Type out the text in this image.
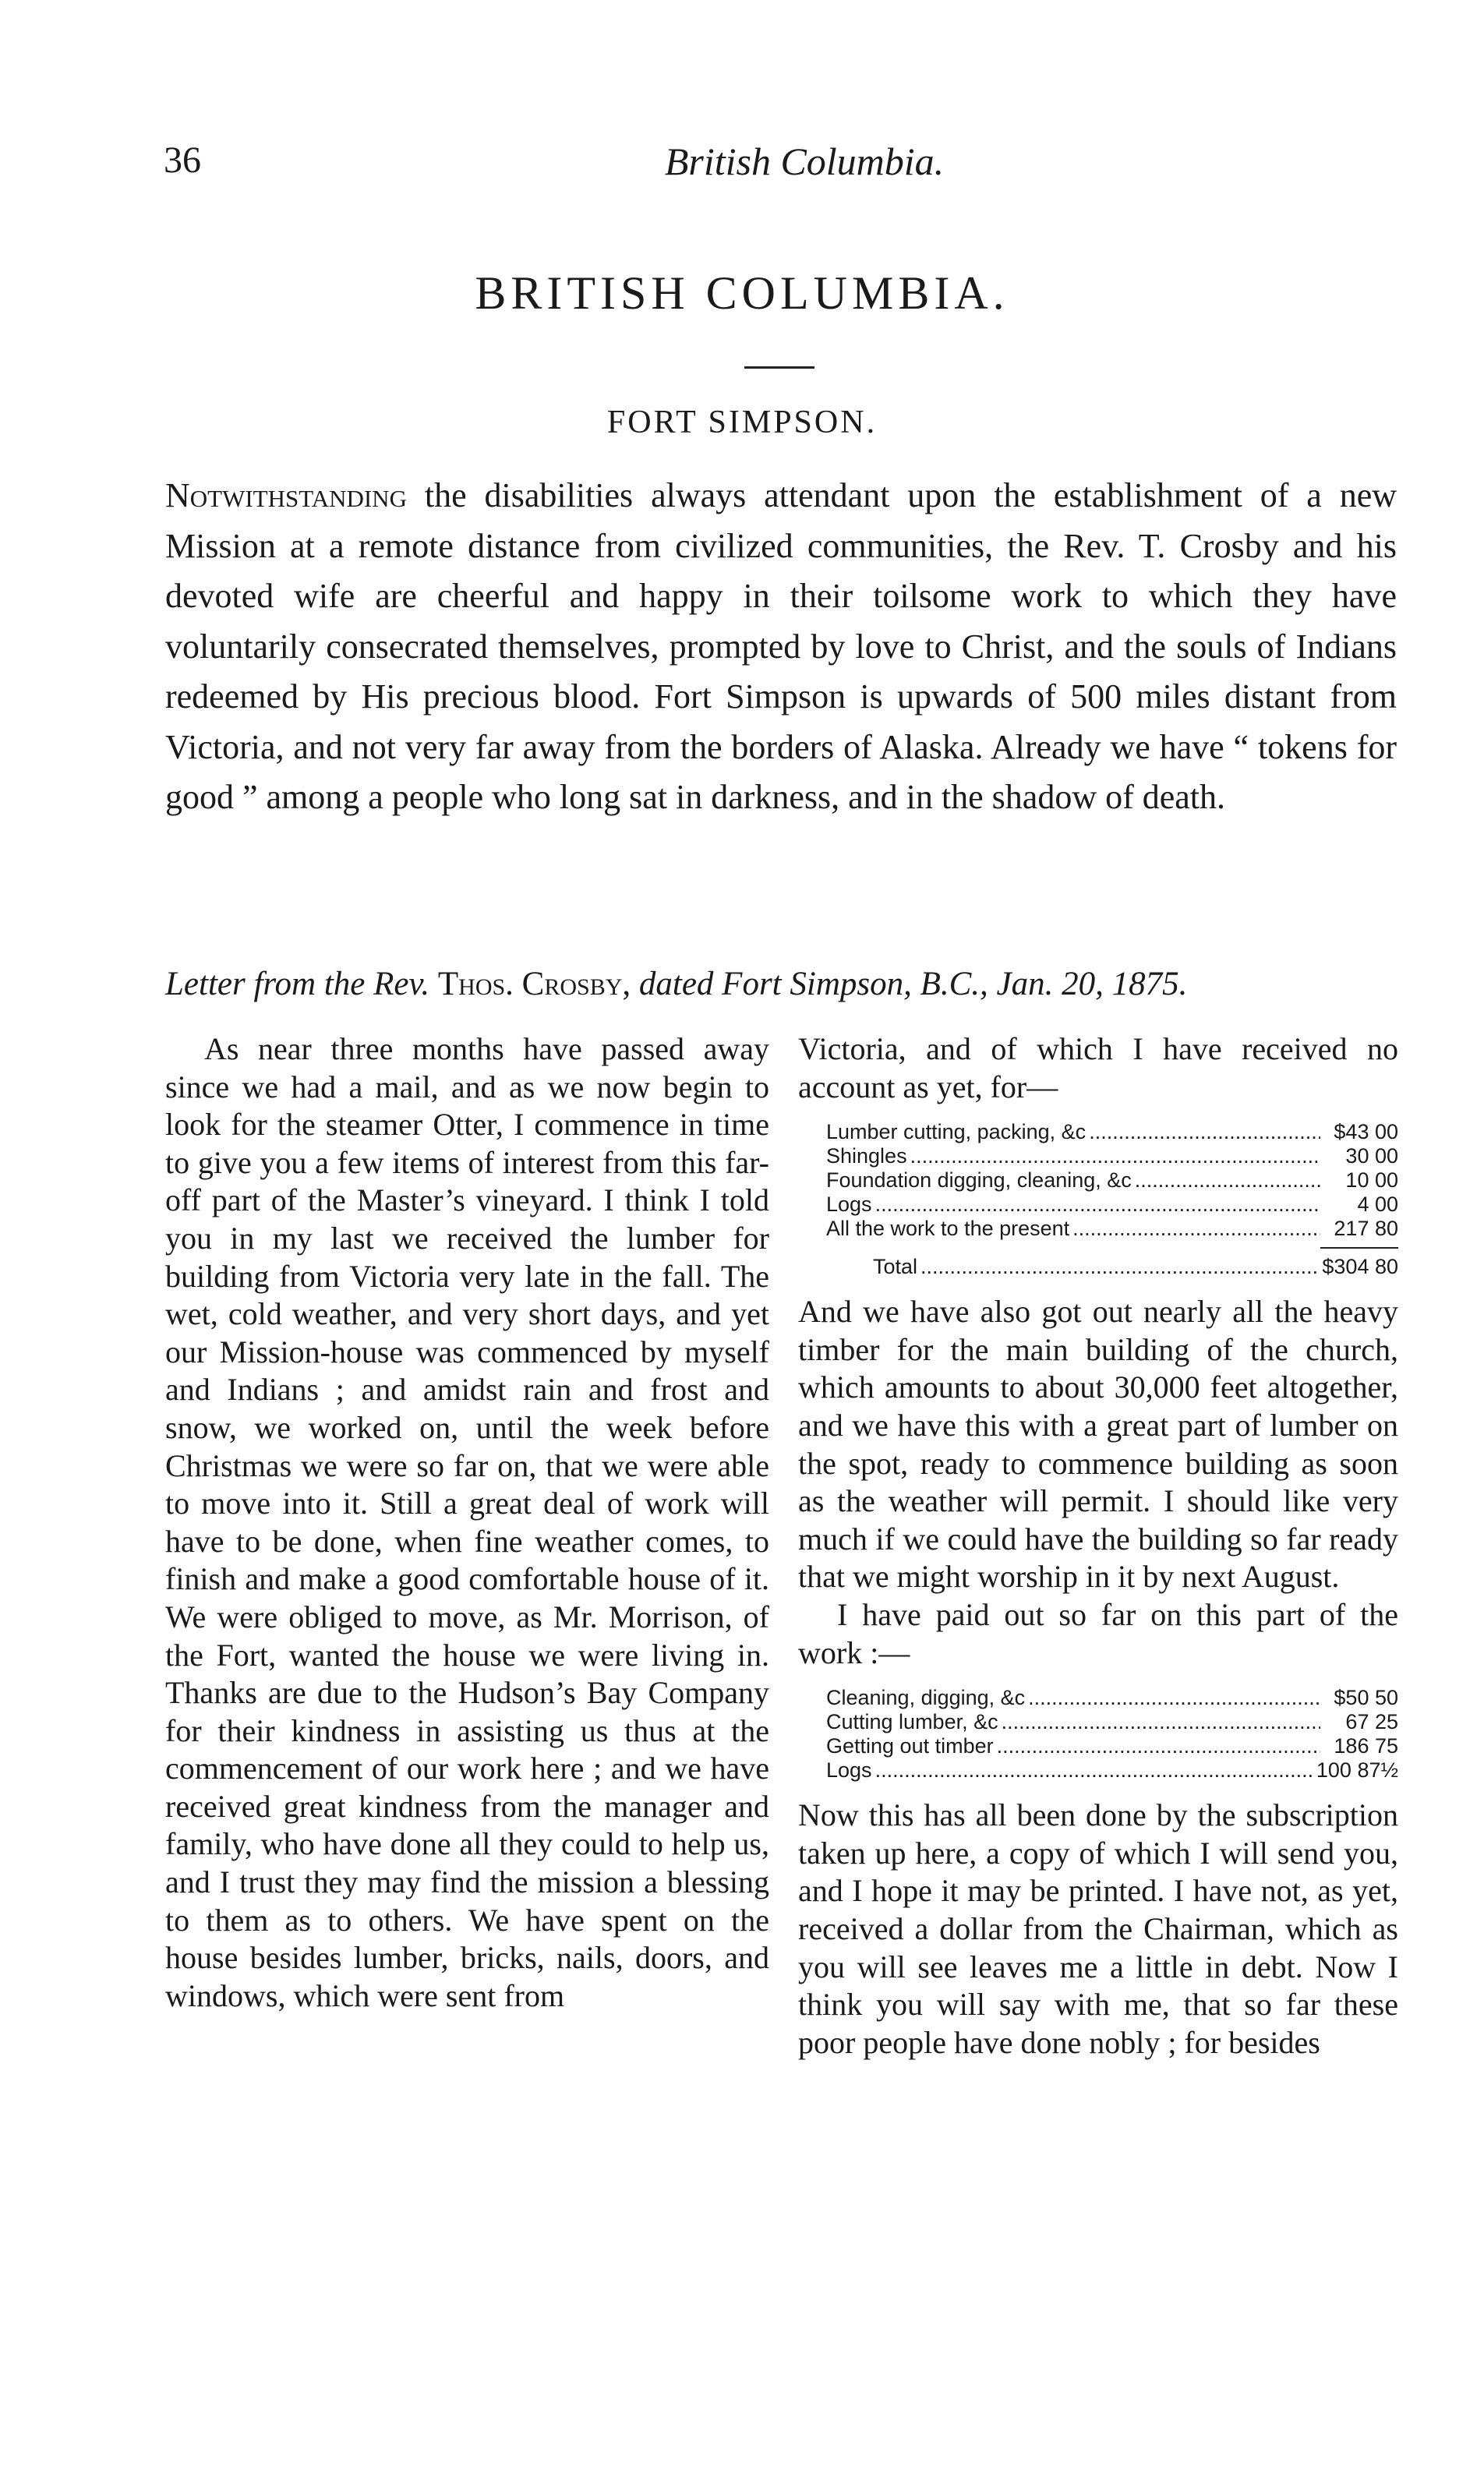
36	British Columbia.
BRITISH COLUMBIA.
FORT SIMPSON.

Notwithstanding the disabilities always attendant upon the establishment of a new Mission at a remote distance from civilized communities, the Rev. T. Crosby and his devoted wife are cheerful and happy in their toilsome work to which they have voluntarily consecrated themselves, prompted by love to Christ, and the souls of Indians redeemed by His precious blood. Fort Simpson is upwards of 500 miles distant from Victoria, and not very far away from the borders of Alaska. Already we have “ tokens for good ” among a people who long sat in darkness, and in the shadow of death.

Letter from the Rev. Thos. Crosby, dated Fort Simpson, B.C., Jan. 20, 1875.

As near three months have passed away since we had a mail, and as we now begin to look for the steamer Otter, I commence in time to give you a few items of interest from this far-off part of the Master’s vineyard. I think I told you in my last we received the lumber for building from Victoria very late in the fall. The wet, cold weather, and very short days, and yet our Mission-house was commenced by myself and Indians ; and amidst rain and frost and snow, we worked on, until the week before Christmas we were so far on, that we were able to move into it. Still a great deal of work will have to be done, when fine weather comes, to finish and make a good comfortable house of it. We were obliged to move, as Mr. Morrison, of the Fort, wanted the house we were living in. Thanks are due to the Hudson’s Bay Company for their kindness in assisting us thus at the commencement of our work here ; and we have received great kindness from the manager and family, who have done all they could to help us, and I trust they may find the mission a blessing to them as to others. We have spent on the house besides lumber, bricks, nails, doors, and windows, which were sent from

Victoria, and of which I have received no account as yet, for—

Lumber cutting, packing, &c .....	$43 00
Shingles .....	30 00
Foundation digging, cleaning, &c .....	10 00
Logs .....	4 00
All the work to the present .....	217 80
Total .....	$304 80

And we have also got out nearly all the heavy timber for the main building of the church, which amounts to about 30,000 feet altogether, and we have this with a great part of lumber on the spot, ready to commence building as soon as the weather will permit. I should like very much if we could have the building so far ready that we might worship in it by next August.

I have paid out so far on this part of the work :—

Cleaning, digging, &c .....	$50 50
Cutting lumber, &c .....	67 25
Getting out timber .....	186 75
Logs .....	100 87½

Now this has all been done by the subscription taken up here, a copy of which I will send you, and I hope it may be printed. I have not, as yet, received a dollar from the Chairman, which as you will see leaves me a little in debt. Now I think you will say with me, that so far these poor people have done nobly ; for besides
